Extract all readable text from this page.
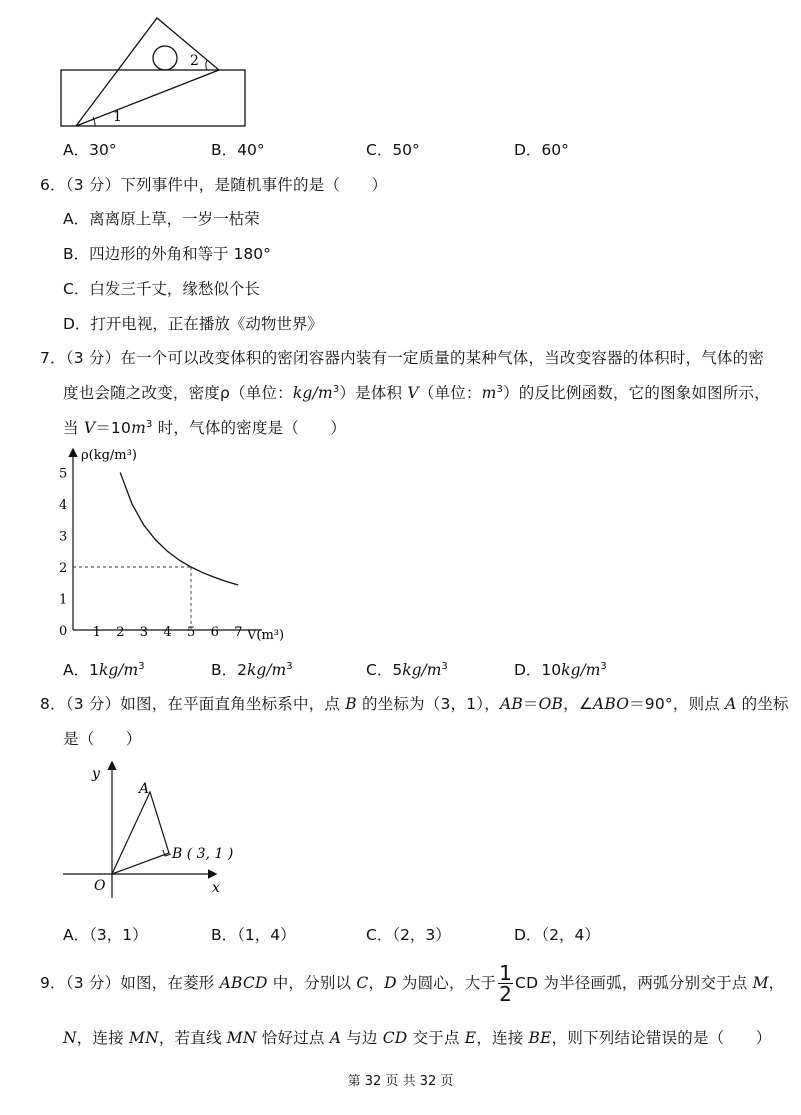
1
2
A．30°	B．40°	C．50°	D．60°
6．（3 分）下列事件中，是随机事件的是（　　）
A．离离原上草，一岁一枯荣
B．四边形的外角和等于 180°
C．白发三千丈，缘愁似个长
D．打开电视，正在播放《动物世界》
7．（3 分）在一个可以改变体积的密闭容器内装有一定质量的某种气体，当改变容器的体积时，气体的密
度也会随之改变，密度ρ（单位：$kg/m^3$）是体积 V（单位：$m^3$）的反比例函数，它的图象如图所示，
当 $V=10m^3$ 时，气体的密度是（　　）
ρ(kg/m³)
V(m³)
0 1 2 3 4 5 6 7
1
2
3
4
5
A．$1kg/m^3$	B．$2kg/m^3$	C．$5kg/m^3$	D．$10kg/m^3$
8．（3 分）如图，在平面直角坐标系中，点 B 的坐标为（3，1），AB＝OB，∠ABO＝90°，则点 A 的坐标
是（　　）
y
x
O
A
B ( 3, 1 )
A．（3，1）	B．（1，4）	C．（2，3）	D．（2，4）
9．（3 分）如图，在菱形 ABCD 中，分别以 C，D 为圆心，大于 $\frac{1}{2}$ CD 为半径画弧，两弧分别交于点 M，
N，连接 MN，若直线 MN 恰好过点 A 与边 CD 交于点 E，连接 BE，则下列结论错误的是（　　）
第 32 页 共 32 页
